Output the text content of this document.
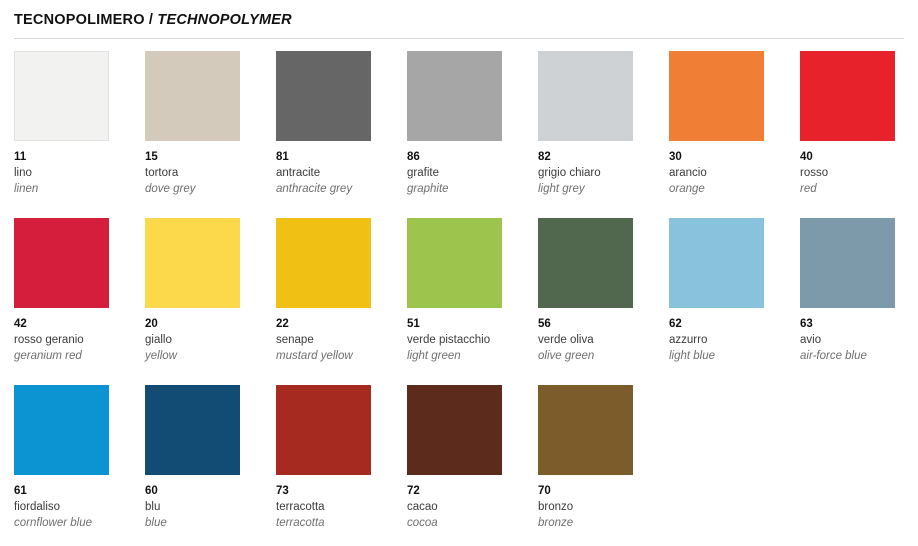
TECNOPOLIMERO / TECHNOPOLYMER
11
lino
linen
15
tortora
dove grey
81
antracite
anthracite grey
86
grafite
graphite
82
grigio chiaro
light grey
30
arancio
orange
40
rosso
red
42
rosso geranio
geranium red
20
giallo
yellow
22
senape
mustard yellow
51
verde pistacchio
light green
56
verde oliva
olive green
62
azzurro
light blue
63
avio
air-force blue
61
fiordaliso
cornflower blue
60
blu
blue
73
terracotta
terracotta
72
cacao
cocoa
70
bronzo
bronze
